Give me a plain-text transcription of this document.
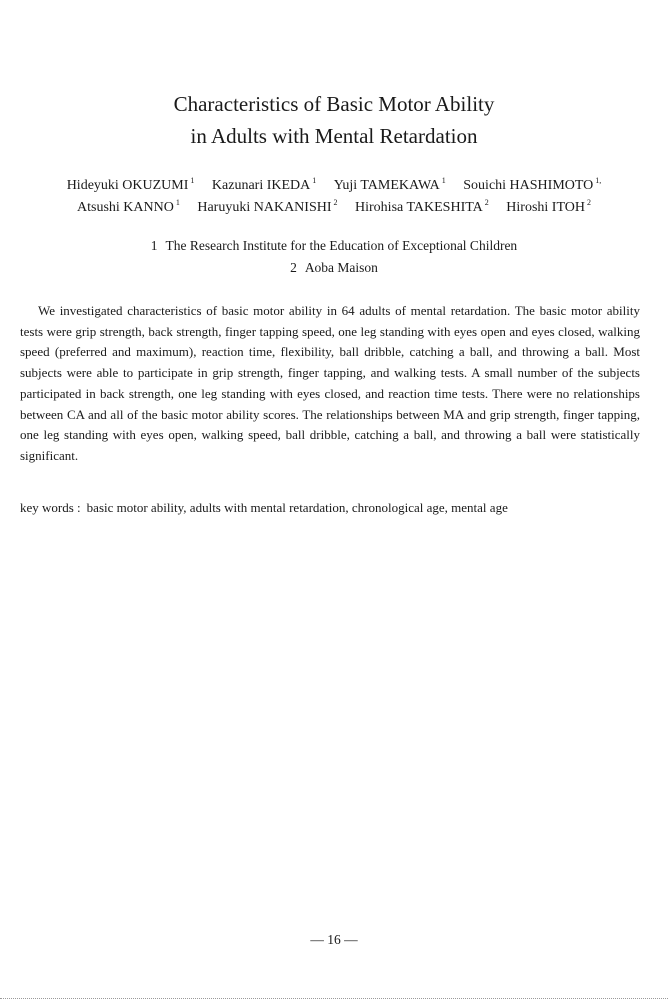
Characteristics of Basic Motor Ability
in Adults with Mental Retardation
Hideyuki OKUZUMI $^1$ Kazunari IKEDA $^1$ Yuji TAMEKAWA $^1$ Souichi HASHIMOTO $^{1,}$
Atsushi KANNO $^1$ Haruyuki NAKANISHI $^2$ Hirohisa TAKESHITA $^2$ Hiroshi ITOH $^2$
1 The Research Institute for the Education of Exceptional Children
2 Aoba Maison

We investigated characteristics of basic motor ability in 64 adults of mental retardation. The basic motor ability tests were grip strength, back strength, finger tapping speed, one leg standing with eyes open and eyes closed, walking speed (preferred and maximum), reaction time, flexibility, ball dribble, catching a ball, and throwing a ball. Most subjects were able to participate in grip strength, finger tapping, and walking tests. A small number of the subjects participated in back strength, one leg standing with eyes closed, and reaction time tests. There were no relationships between CA and all of the basic motor ability scores. The relationships between MA and grip strength, finger tapping, one leg standing with eyes open, walking speed, ball dribble, catching a ball, and throwing a ball were statistically significant.

key words : basic motor ability, adults with mental retardation, chronological age, mental age

— 16 —
